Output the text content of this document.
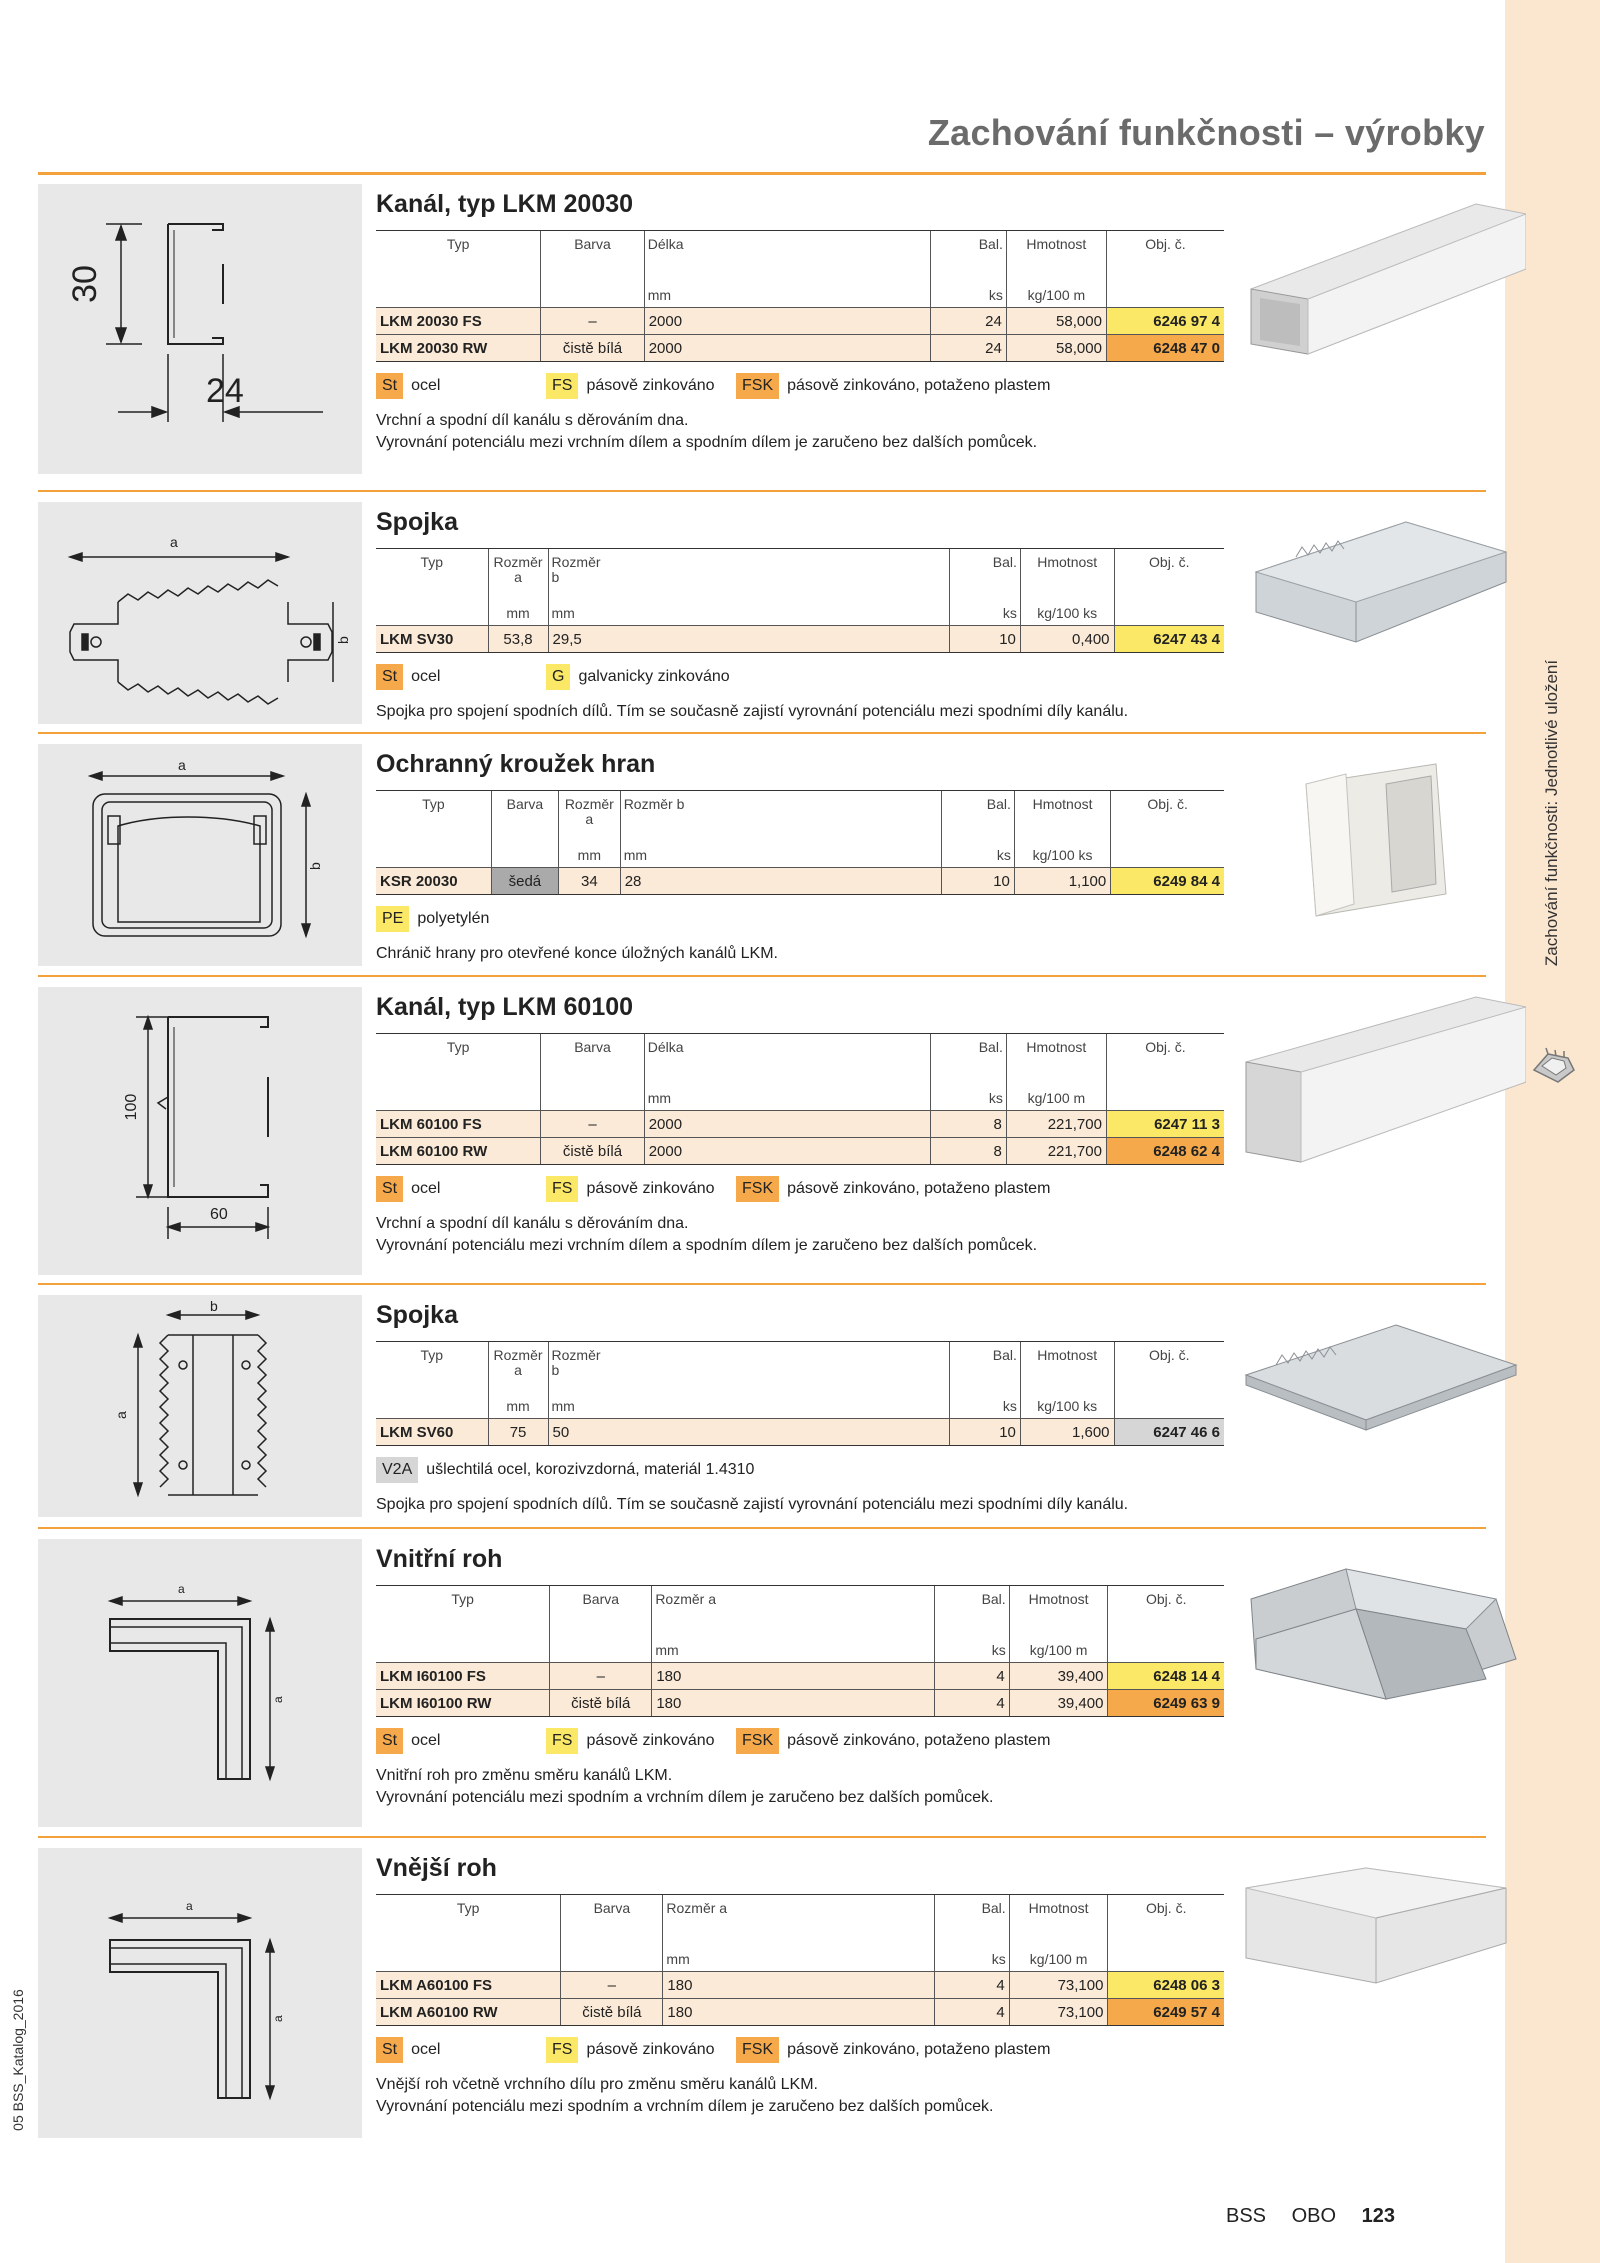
Zachování funkčnosti: Jednotlivé uložení
Zachování funkčnosti – výrobky
30
24
Kanál, typ LKM 20030
Typ	Barva	Délka		Bal.	Hmotnost	Obj. č.
		mm		ks	kg/100 m	
LKM 20030 FS	–	2000		24	58,000	6246 97 4
LKM 20030 RW	čistě bílá	2000		24	58,000	6248 47 0
St ocel	FS pásově zinkováno	FSK pásově zinkováno, potaženo plastem
Vrchní a spodní díl kanálu s děrováním dna.
Vyrovnání potenciálu mezi vrchním dílem a spodním dílem je zaručeno bez dalších pomůcek.
a
b
Spojka
Typ	Rozměr a	Rozměr b		Bal.	Hmotnost	Obj. č.
	mm	mm		ks	kg/100 ks	
LKM SV30	53,8	29,5		10	0,400	6247 43 4
St ocel	G galvanicky zinkováno
Spojka pro spojení spodních dílů. Tím se současně zajistí vyrovnání potenciálu mezi spodními díly kanálu.
a
b
Ochranný kroužek hran
Typ	Barva	Rozměr a	Rozměr b	Bal.	Hmotnost	Obj. č.
		mm	mm	ks	kg/100 ks	
KSR 20030	šedá	34	28	10	1,100	6249 84 4
PE polyetylén
Chránič hrany pro otevřené konce úložných kanálů LKM.
100
60
Kanál, typ LKM 60100
Typ	Barva	Délka		Bal.	Hmotnost	Obj. č.
		mm		ks	kg/100 m	
LKM 60100 FS	–	2000		8	221,700	6247 11 3
LKM 60100 RW	čistě bílá	2000		8	221,700	6248 62 4
St ocel	FS pásově zinkováno	FSK pásově zinkováno, potaženo plastem
Vrchní a spodní díl kanálu s děrováním dna.
Vyrovnání potenciálu mezi vrchním dílem a spodním dílem je zaručeno bez dalších pomůcek.
b
a
Spojka
Typ	Rozměr a	Rozměr b		Bal.	Hmotnost	Obj. č.
	mm	mm		ks	kg/100 ks	
LKM SV60	75	50		10	1,600	6247 46 6
V2A ušlechtilá ocel, korozivzdorná, materiál 1.4310
Spojka pro spojení spodních dílů. Tím se současně zajistí vyrovnání potenciálu mezi spodními díly kanálu.
a
a
Vnitřní roh
Typ	Barva	Rozměr a		Bal.	Hmotnost	Obj. č.
		mm		ks	kg/100 m	
LKM I60100 FS	–	180		4	39,400	6248 14 4
LKM I60100 RW	čistě bílá	180		4	39,400	6249 63 9
St ocel	FS pásově zinkováno	FSK pásově zinkováno, potaženo plastem
Vnitřní roh pro změnu směru kanálů LKM.
Vyrovnání potenciálu mezi spodním a vrchním dílem je zaručeno bez dalších pomůcek.
a
a
Vnější roh
Typ	Barva	Rozměr a		Bal.	Hmotnost	Obj. č.
		mm		ks	kg/100 m	
LKM A60100 FS	–	180		4	73,100	6248 06 3
LKM A60100 RW	čistě bílá	180		4	73,100	6249 57 4
St ocel	FS pásově zinkováno	FSK pásově zinkováno, potaženo plastem
Vnější roh včetně vrchního dílu pro změnu směru kanálů LKM.
Vyrovnání potenciálu mezi spodním a vrchním dílem je zaručeno bez dalších pomůcek.
BSS OBO 123
05 BSS_Katalog_2016
